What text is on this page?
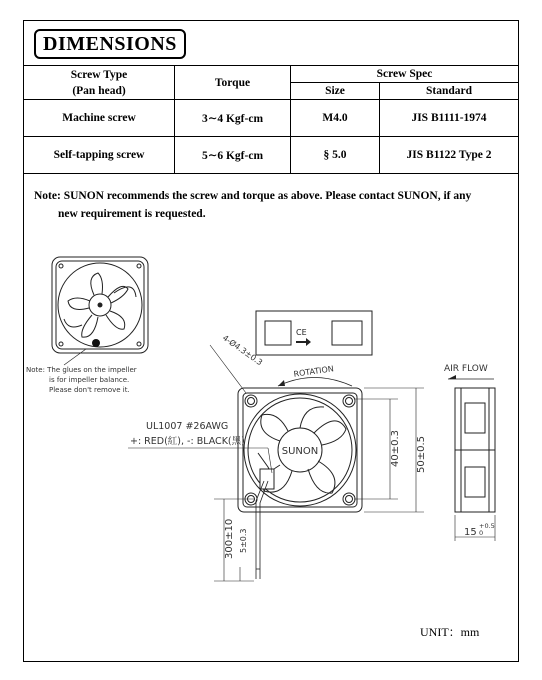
DIMENSIONS
Screw Type
(Pan head)	Torque	Screw Spec	
		Size	Standard
Machine screw	3∼4 Kgf-cm	M4.0	JIS B1111-1974
Self-tapping screw	5∼6 Kgf-cm	§ 5.0	JIS B1122 Type 2
Note: SUNON recommends the screw and torque as above. Please contact SUNON, if any
new requirement is requested.
Note: The glues on the impeller
is for impeller balance.
Please don't remove it.
CE
SUNON
ROTATION
4-Ø4.3±0.3
UL1007 #26AWG
+: RED(紅), -: BLACK(黑)
300±10 5±0.3
40±0.3 50±0.5
AIR FLOW
15
+0.5
0
UNIT：mm
